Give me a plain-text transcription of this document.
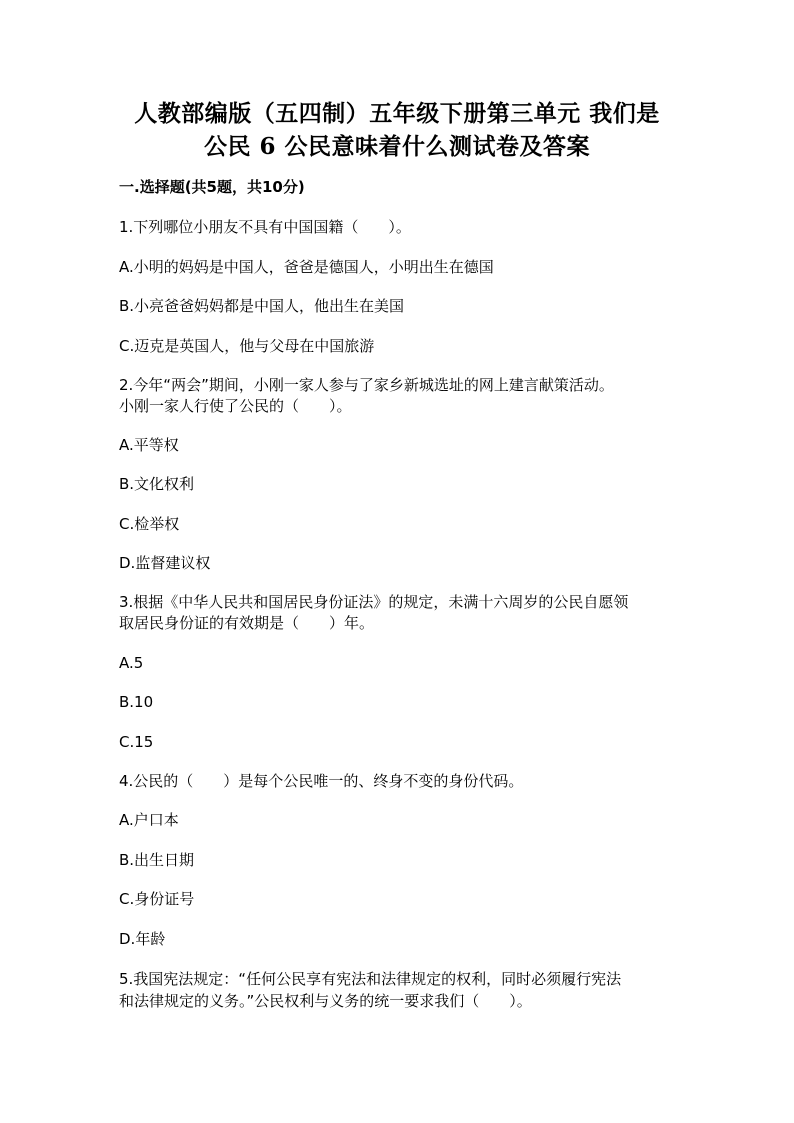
人教部编版（五四制）五年级下册第三单元 我们是
公民 6 公民意味着什么测试卷及答案
一.选择题(共5题，共10分)
1.下列哪位小朋友不具有中国国籍（　　）。
A.小明的妈妈是中国人，爸爸是德国人，小明出生在德国
B.小亮爸爸妈妈都是中国人，他出生在美国
C.迈克是英国人，他与父母在中国旅游
2.今年“两会”期间，小刚一家人参与了家乡新城选址的网上建言献策活动。
小刚一家人行使了公民的（　　）。
A.平等权
B.文化权利
C.检举权
D.监督建议权
3.根据《中华人民共和国居民身份证法》的规定，未满十六周岁的公民自愿领
取居民身份证的有效期是（　　）年。
A.5
B.10
C.15
4.公民的（　　）是每个公民唯一的、终身不变的身份代码。
A.户口本
B.出生日期
C.身份证号
D.年龄
5.我国宪法规定：“任何公民享有宪法和法律规定的权利，同时必须履行宪法
和法律规定的义务。”公民权利与义务的统一要求我们（　　）。
